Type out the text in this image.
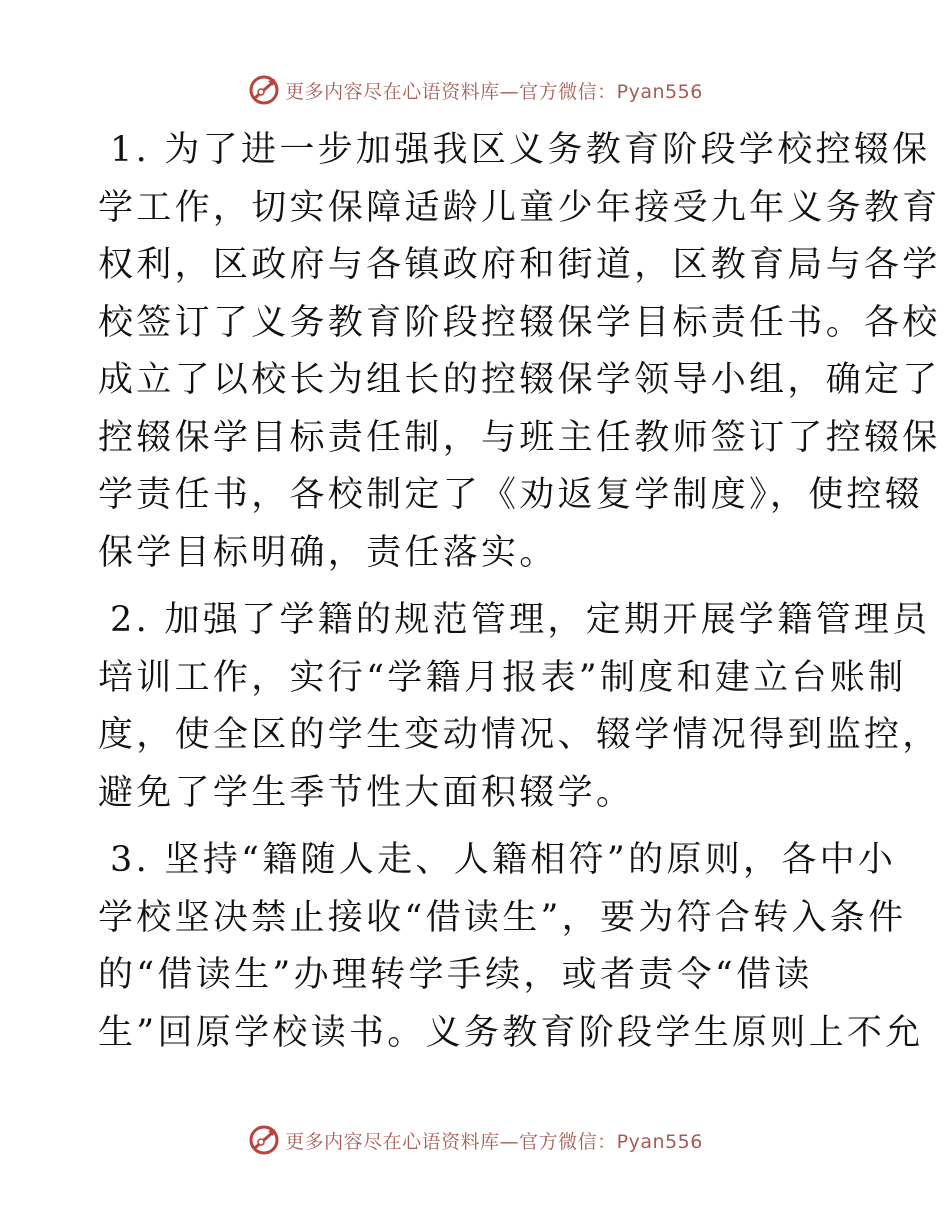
更多内容尽在心语资料库—官方微信：Pyan556
1. 为了进一步加强我区义务教育阶段学校控辍保
学工作，切实保障适龄儿童少年接受九年义务教育
权利，区政府与各镇政府和街道，区教育局与各学
校签订了义务教育阶段控辍保学目标责任书。各校
成立了以校长为组长的控辍保学领导小组，确定了
控辍保学目标责任制，与班主任教师签订了控辍保
学责任书，各校制定了《劝返复学制度》，使控辍
保学目标明确，责任落实。
2. 加强了学籍的规范管理，定期开展学籍管理员
培训工作，实行“学籍月报表”制度和建立台账制
度，使全区的学生变动情况、辍学情况得到监控，
避免了学生季节性大面积辍学。
3. 坚持“籍随人走、人籍相符”的原则，各中小
学校坚决禁止接收“借读生”，要为符合转入条件
的“借读生”办理转学手续，或者责令“借读
生”回原学校读书。义务教育阶段学生原则上不允
更多内容尽在心语资料库—官方微信：Pyan556
